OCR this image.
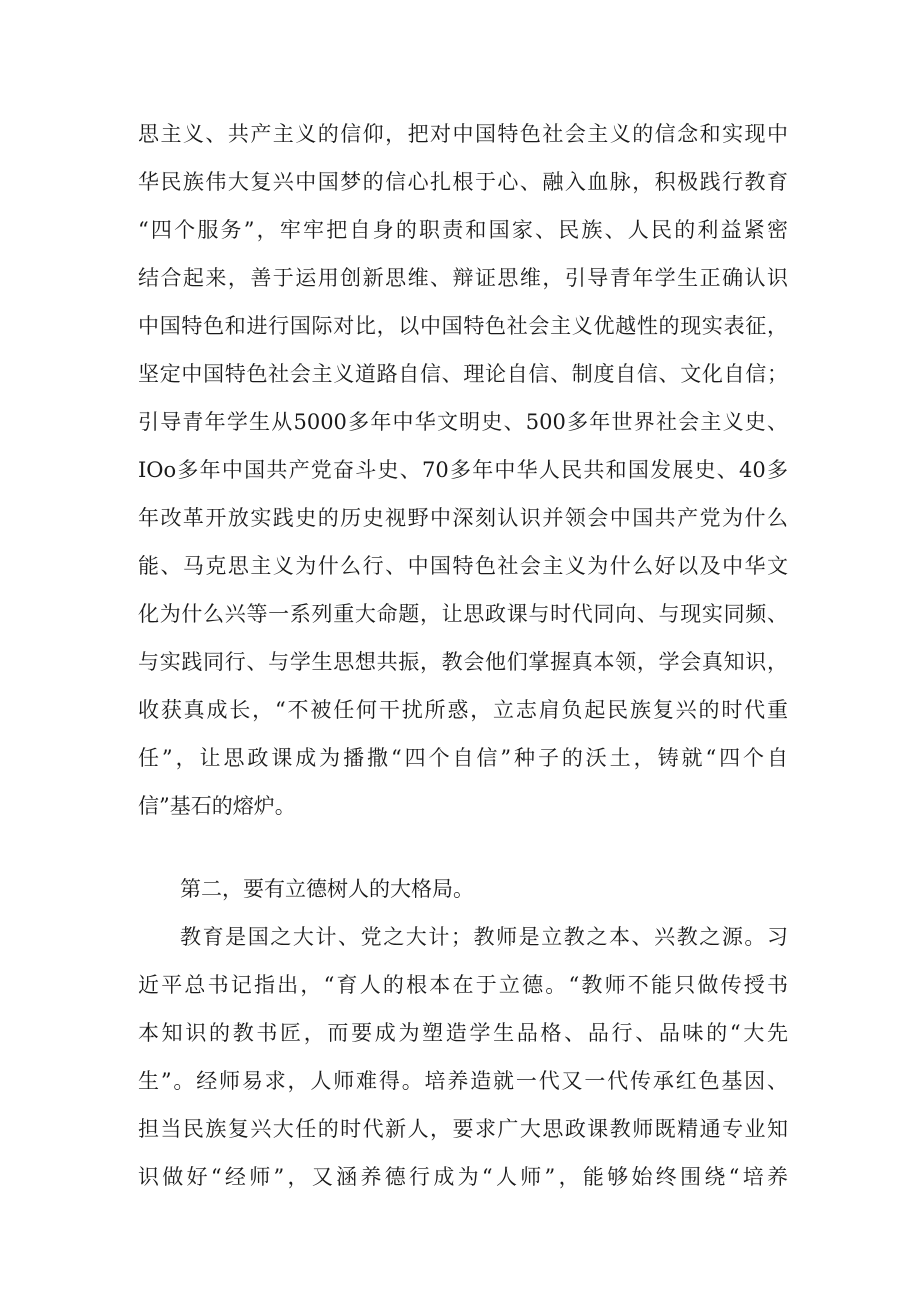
思主义、共产主义的信仰，把对中国特色社会主义的信念和实现中
华民族伟大复兴中国梦的信心扎根于心、融入血脉，积极践行教育
“四个服务”，牢牢把自身的职责和国家、民族、人民的利益紧密
结合起来，善于运用创新思维、辩证思维，引导青年学生正确认识
中国特色和进行国际对比，以中国特色社会主义优越性的现实表征，
坚定中国特色社会主义道路自信、理论自信、制度自信、文化自信；
引导青年学生从5000多年中华文明史、500多年世界社会主义史、
IOo多年中国共产党奋斗史、70多年中华人民共和国发展史、40多
年改革开放实践史的历史视野中深刻认识并领会中国共产党为什么
能、马克思主义为什么行、中国特色社会主义为什么好以及中华文
化为什么兴等一系列重大命题，让思政课与时代同向、与现实同频、
与实践同行、与学生思想共振，教会他们掌握真本领，学会真知识，
收获真成长，“不被任何干扰所惑，立志肩负起民族复兴的时代重
任”，让思政课成为播撒“四个自信”种子的沃土，铸就“四个自
信”基石的熔炉。
第二，要有立德树人的大格局。
教育是国之大计、党之大计；教师是立教之本、兴教之源。习
近平总书记指出，“育人的根本在于立德。“教师不能只做传授书
本知识的教书匠，而要成为塑造学生品格、品行、品味的“大先
生”。经师易求，人师难得。培养造就一代又一代传承红色基因、
担当民族复兴大任的时代新人，要求广大思政课教师既精通专业知
识做好“经师”，又涵养德行成为“人师”，能够始终围绕“培养
